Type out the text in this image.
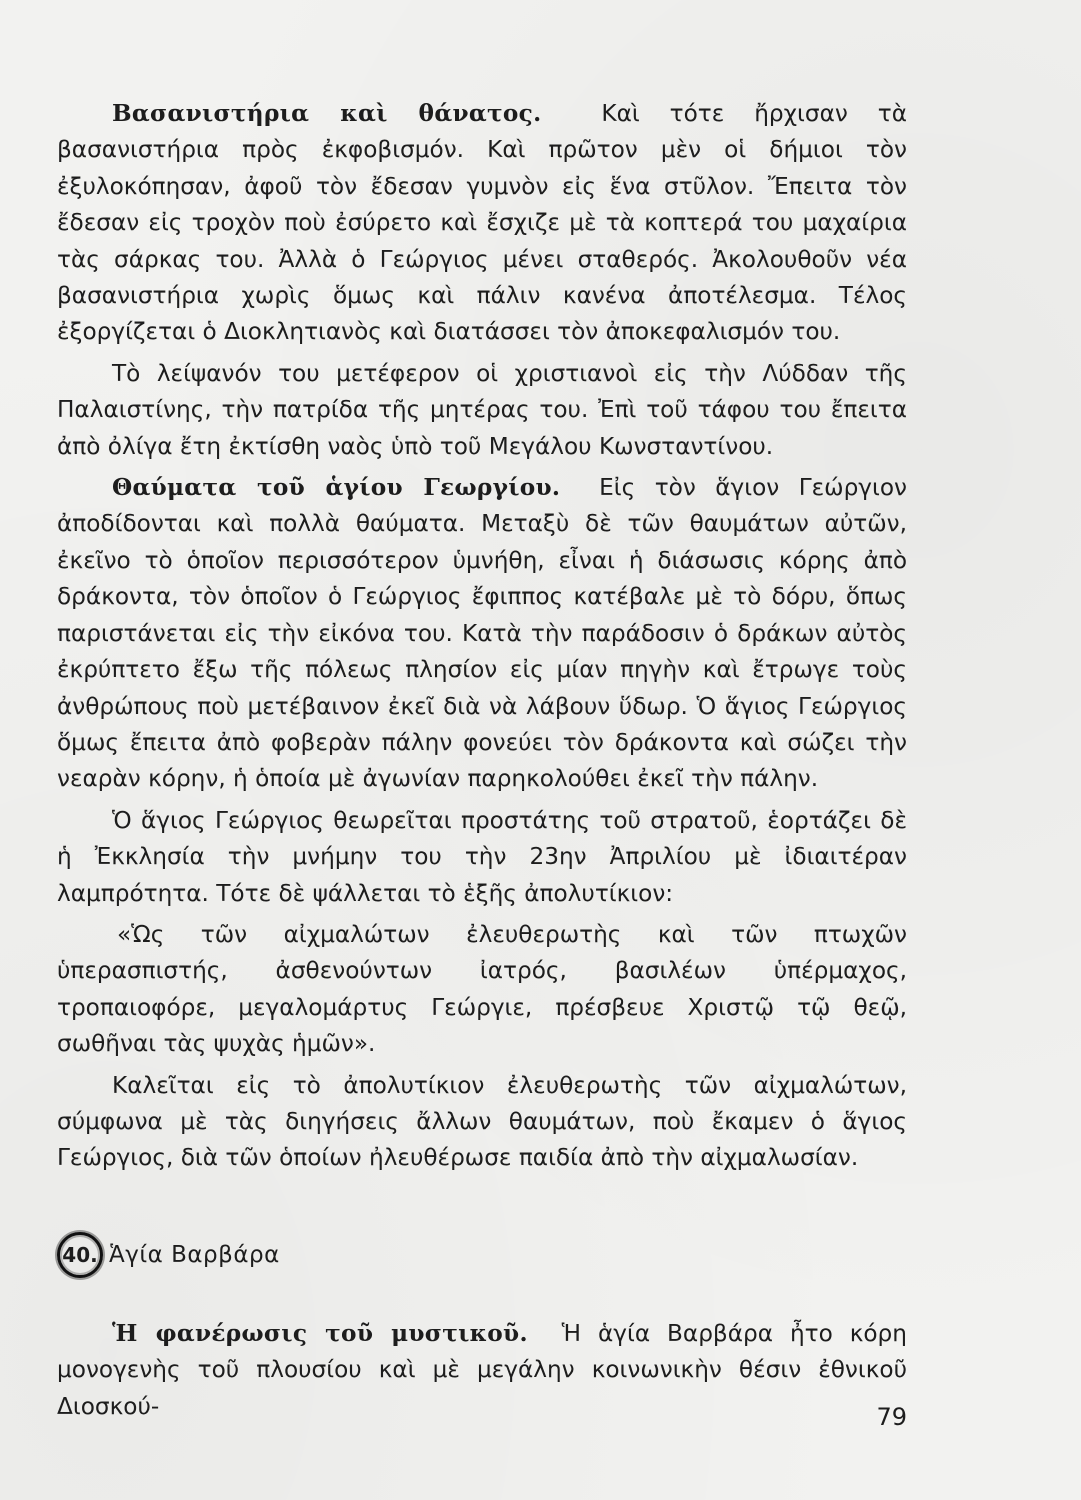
Βασανιστήρια καὶ θάνατος.	Καὶ τότε ἤρχισαν τὰ βασανιστήρια πρὸς ἐκφοβισμόν. Καὶ πρῶτον μὲν οἱ δήμιοι τὸν ἐξυλοκόπησαν, ἀφοῦ τὸν ἔδεσαν γυμνὸν εἰς ἕνα στῦλον. Ἔπειτα τὸν ἔδεσαν εἰς τροχὸν ποὺ ἐσύρετο καὶ ἔσχιζε μὲ τὰ κοπτερά του μαχαίρια τὰς σάρκας του. Ἀλλὰ ὁ Γεώργιος μένει σταθερός. Ἀκολουθοῦν νέα βασανιστήρια χωρὶς ὅμως καὶ πάλιν κανένα ἀποτέλεσμα. Τέλος ἐξοργίζεται ὁ Διοκλητιανὸς καὶ διατάσσει τὸν ἀποκεφαλισμόν του.

Τὸ λείψανόν του μετέφερον οἱ χριστιανοὶ εἰς τὴν Λύδδαν τῆς Παλαιστίνης, τὴν πατρίδα τῆς μητέρας του. Ἐπὶ τοῦ τάφου του ἔπειτα ἀπὸ ὀλίγα ἔτη ἐκτίσθη ναὸς ὑπὸ τοῦ Μεγάλου Κωνσταντίνου.

Θαύματα τοῦ ἁγίου Γεωργίου. Εἰς τὸν ἅγιον Γεώργιον ἀποδίδονται καὶ πολλὰ θαύματα. Μεταξὺ δὲ τῶν θαυμάτων αὐτῶν, ἐκεῖνο τὸ ὁποῖον περισσότερον ὑμνήθη, εἶναι ἡ διάσωσις κόρης ἀπὸ δράκοντα, τὸν ὁποῖον ὁ Γεώργιος ἔφιππος κατέβαλε μὲ τὸ δόρυ, ὅπως παριστάνεται εἰς τὴν εἰκόνα του. Κατὰ τὴν παράδοσιν ὁ δράκων αὐτὸς ἐκρύπτετο ἔξω τῆς πόλεως πλησίον εἰς μίαν πηγὴν καὶ ἔτρωγε τοὺς ἀνθρώπους ποὺ μετέβαινον ἐκεῖ διὰ νὰ λάβουν ὕδωρ. Ὁ ἅγιος Γεώργιος ὅμως ἔπειτα ἀπὸ φοβερὰν πάλην φονεύει τὸν δράκοντα καὶ σώζει τὴν νεαρὰν κόρην, ἡ ὁποία μὲ ἀγωνίαν παρηκολούθει ἐκεῖ τὴν πάλην.

Ὁ ἅγιος Γεώργιος θεωρεῖται προστάτης τοῦ στρατοῦ, ἑορτάζει δὲ ἡ Ἐκκλησία τὴν μνήμην του τὴν 23ην Ἀπριλίου μὲ ἰδιαιτέραν λαμπρότητα. Τότε δὲ ψάλλεται τὸ ἑξῆς ἀπολυτίκιον:

«Ὡς τῶν αἰχμαλώτων ἐλευθερωτὴς καὶ τῶν πτωχῶν ὑπερασπιστής, ἀσθενούντων ἰατρός, βασιλέων ὑπέρμαχος, τροπαιοφόρε, μεγαλομάρτυς Γεώργιε, πρέσβευε Χριστῷ τῷ θεῷ, σωθῆναι τὰς ψυχὰς ἡμῶν».

Καλεῖται εἰς τὸ ἀπολυτίκιον ἐλευθερωτὴς τῶν αἰχμαλώτων, σύμφωνα μὲ τὰς διηγήσεις ἄλλων θαυμάτων, ποὺ ἔκαμεν ὁ ἅγιος Γεώργιος, διὰ τῶν ὁποίων ἠλευθέρωσε παιδία ἀπὸ τὴν αἰχμαλωσίαν.

40. Ἁγία Βαρβάρα

Ἡ φανέρωσις τοῦ μυστικοῦ. Ἡ ἁγία Βαρβάρα ἦτο κόρη μονογενὴς τοῦ πλουσίου καὶ μὲ μεγάλην κοινωνικὴν θέσιν ἐθνικοῦ Διοσκού-	79
